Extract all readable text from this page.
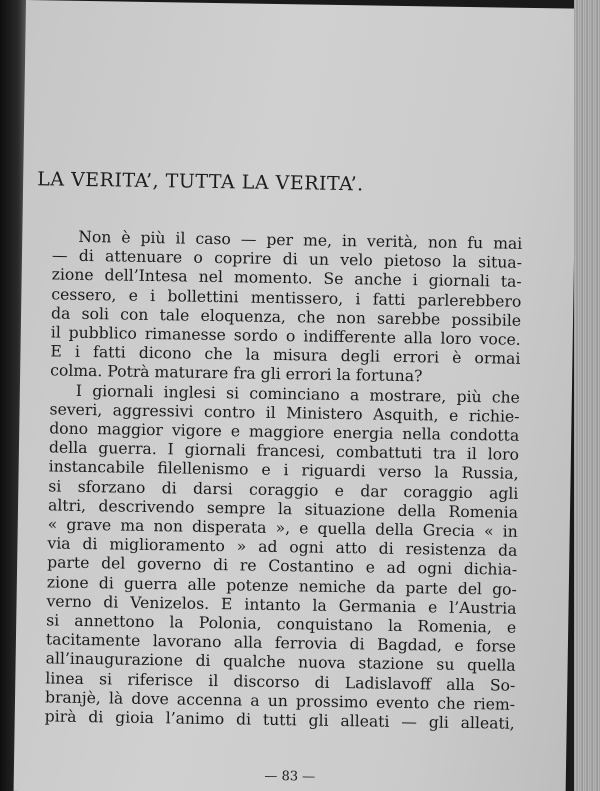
LA VERITA’, TUTTA LA VERITA’.
Non è più il caso — per me, in verità, non fu mai
— di attenuare o coprire di un velo pietoso la situa-
zione dell’Intesa nel momento. Se anche i giornali ta-
cessero, e i bollettini mentissero, i fatti parlerebbero
da soli con tale eloquenza, che non sarebbe possibile
il pubblico rimanesse sordo o indifferente alla loro voce.
E i fatti dicono che la misura degli errori è ormai
colma. Potrà maturare fra gli errori la fortuna?
I giornali inglesi si cominciano a mostrare, più che
severi, aggressivi contro il Ministero Asquith, e richie-
dono maggior vigore e maggiore energia nella condotta
della guerra. I giornali francesi, combattuti tra il loro
instancabile filellenismo e i riguardi verso la Russia,
si sforzano di darsi coraggio e dar coraggio agli
altri, descrivendo sempre la situazione della Romenia
« grave ma non disperata », e quella della Grecia « in
via di miglioramento » ad ogni atto di resistenza da
parte del governo di re Costantino e ad ogni dichia-
zione di guerra alle potenze nemiche da parte del go-
verno di Venizelos. E intanto la Germania e l’Austria
si annettono la Polonia, conquistano la Romenia, e
tacitamente lavorano alla ferrovia di Bagdad, e forse
all’inaugurazione di qualche nuova stazione su quella
linea si riferisce il discorso di Ladislavoff alla So-
branjè, là dove accenna a un prossimo evento che riem-
pirà di gioia l’animo di tutti gli alleati — gli alleati,
— 83 —
